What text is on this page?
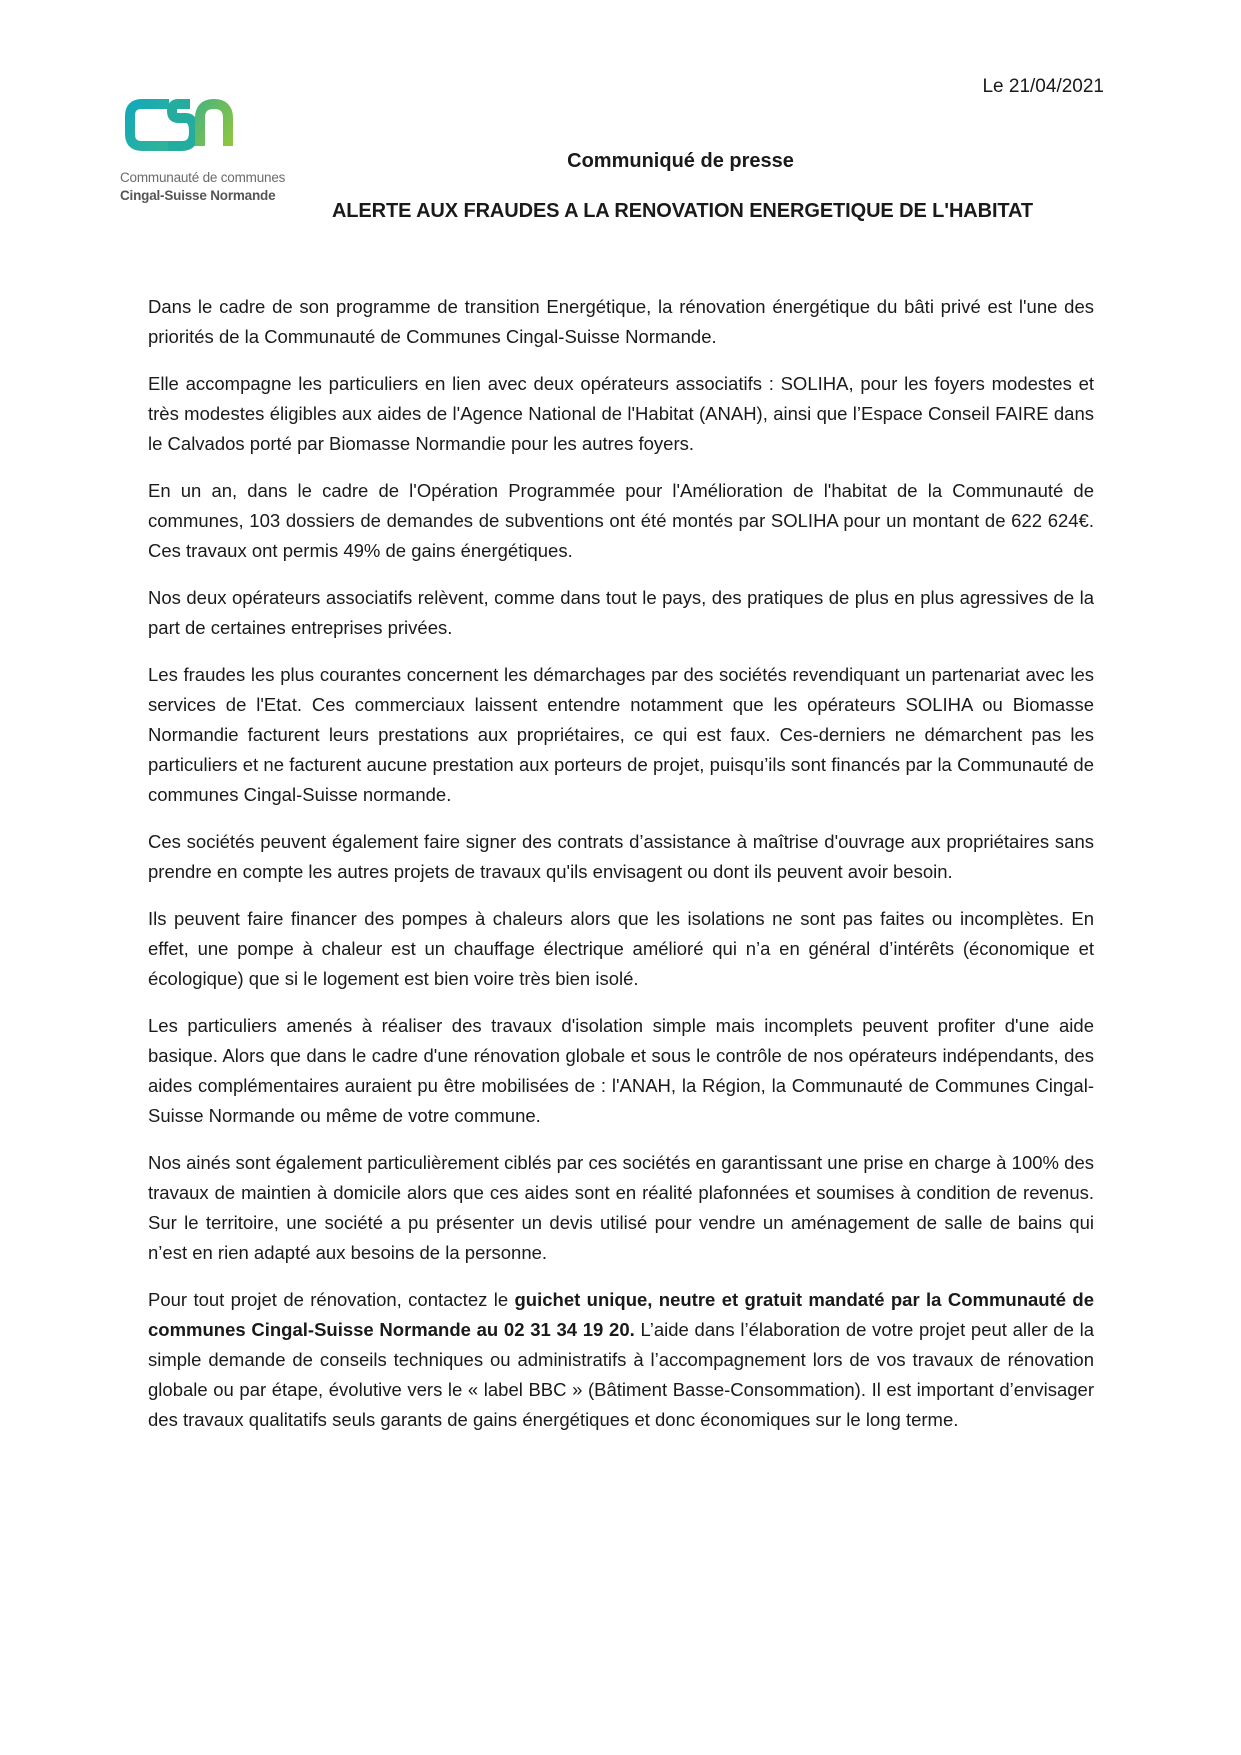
Le 21/04/2021
Communauté de communes
Cingal-Suisse Normande
Communiqué de presse
ALERTE AUX FRAUDES A LA RENOVATION ENERGETIQUE DE L'HABITAT

Dans le cadre de son programme de transition Energétique, la rénovation énergétique du bâti privé est l'une des priorités de la Communauté de Communes Cingal-Suisse Normande.

Elle accompagne les particuliers en lien avec deux opérateurs associatifs : SOLIHA, pour les foyers modestes et très modestes éligibles aux aides de l'Agence National de l'Habitat (ANAH), ainsi que l’Espace Conseil FAIRE dans le Calvados porté par Biomasse Normandie pour les autres foyers.

En un an, dans le cadre de l'Opération Programmée pour l'Amélioration de l'habitat de la Communauté de communes, 103 dossiers de demandes de subventions ont été montés par SOLIHA pour un montant de 622 624€. Ces travaux ont permis 49% de gains énergétiques.

Nos deux opérateurs associatifs relèvent, comme dans tout le pays, des pratiques de plus en plus agressives de la part de certaines entreprises privées.

Les fraudes les plus courantes concernent les démarchages par des sociétés revendiquant un partenariat avec les services de l'Etat. Ces commerciaux laissent entendre notamment que les opérateurs SOLIHA ou Biomasse Normandie facturent leurs prestations aux propriétaires, ce qui est faux. Ces-derniers ne démarchent pas les particuliers et ne facturent aucune prestation aux porteurs de projet, puisqu’ils sont financés par la Communauté de communes Cingal-Suisse normande.

Ces sociétés peuvent également faire signer des contrats d’assistance à maîtrise d'ouvrage aux propriétaires sans prendre en compte les autres projets de travaux qu'ils envisagent ou dont ils peuvent avoir besoin.

Ils peuvent faire financer des pompes à chaleurs alors que les isolations ne sont pas faites ou incomplètes. En effet, une pompe à chaleur est un chauffage électrique amélioré qui n’a en général d’intérêts (économique et écologique) que si le logement est bien voire très bien isolé.

Les particuliers amenés à réaliser des travaux d'isolation simple mais incomplets peuvent profiter d'une aide basique. Alors que dans le cadre d'une rénovation globale et sous le contrôle de nos opérateurs indépendants, des aides complémentaires auraient pu être mobilisées de : l'ANAH, la Région, la Communauté de Communes Cingal-Suisse Normande ou même de votre commune.

Nos ainés sont également particulièrement ciblés par ces sociétés en garantissant une prise en charge à 100% des travaux de maintien à domicile alors que ces aides sont en réalité plafonnées et soumises à condition de revenus. Sur le territoire, une société a pu présenter un devis utilisé pour vendre un aménagement de salle de bains qui n’est en rien adapté aux besoins de la personne.

Pour tout projet de rénovation, contactez le guichet unique, neutre et gratuit mandaté par la Communauté de communes Cingal-Suisse Normande au 02 31 34 19 20. L’aide dans l’élaboration de votre projet peut aller de la simple demande de conseils techniques ou administratifs à l’accompagnement lors de vos travaux de rénovation globale ou par étape, évolutive vers le « label BBC » (Bâtiment Basse-Consommation). Il est important d’envisager des travaux qualitatifs seuls garants de gains énergétiques et donc économiques sur le long terme.
